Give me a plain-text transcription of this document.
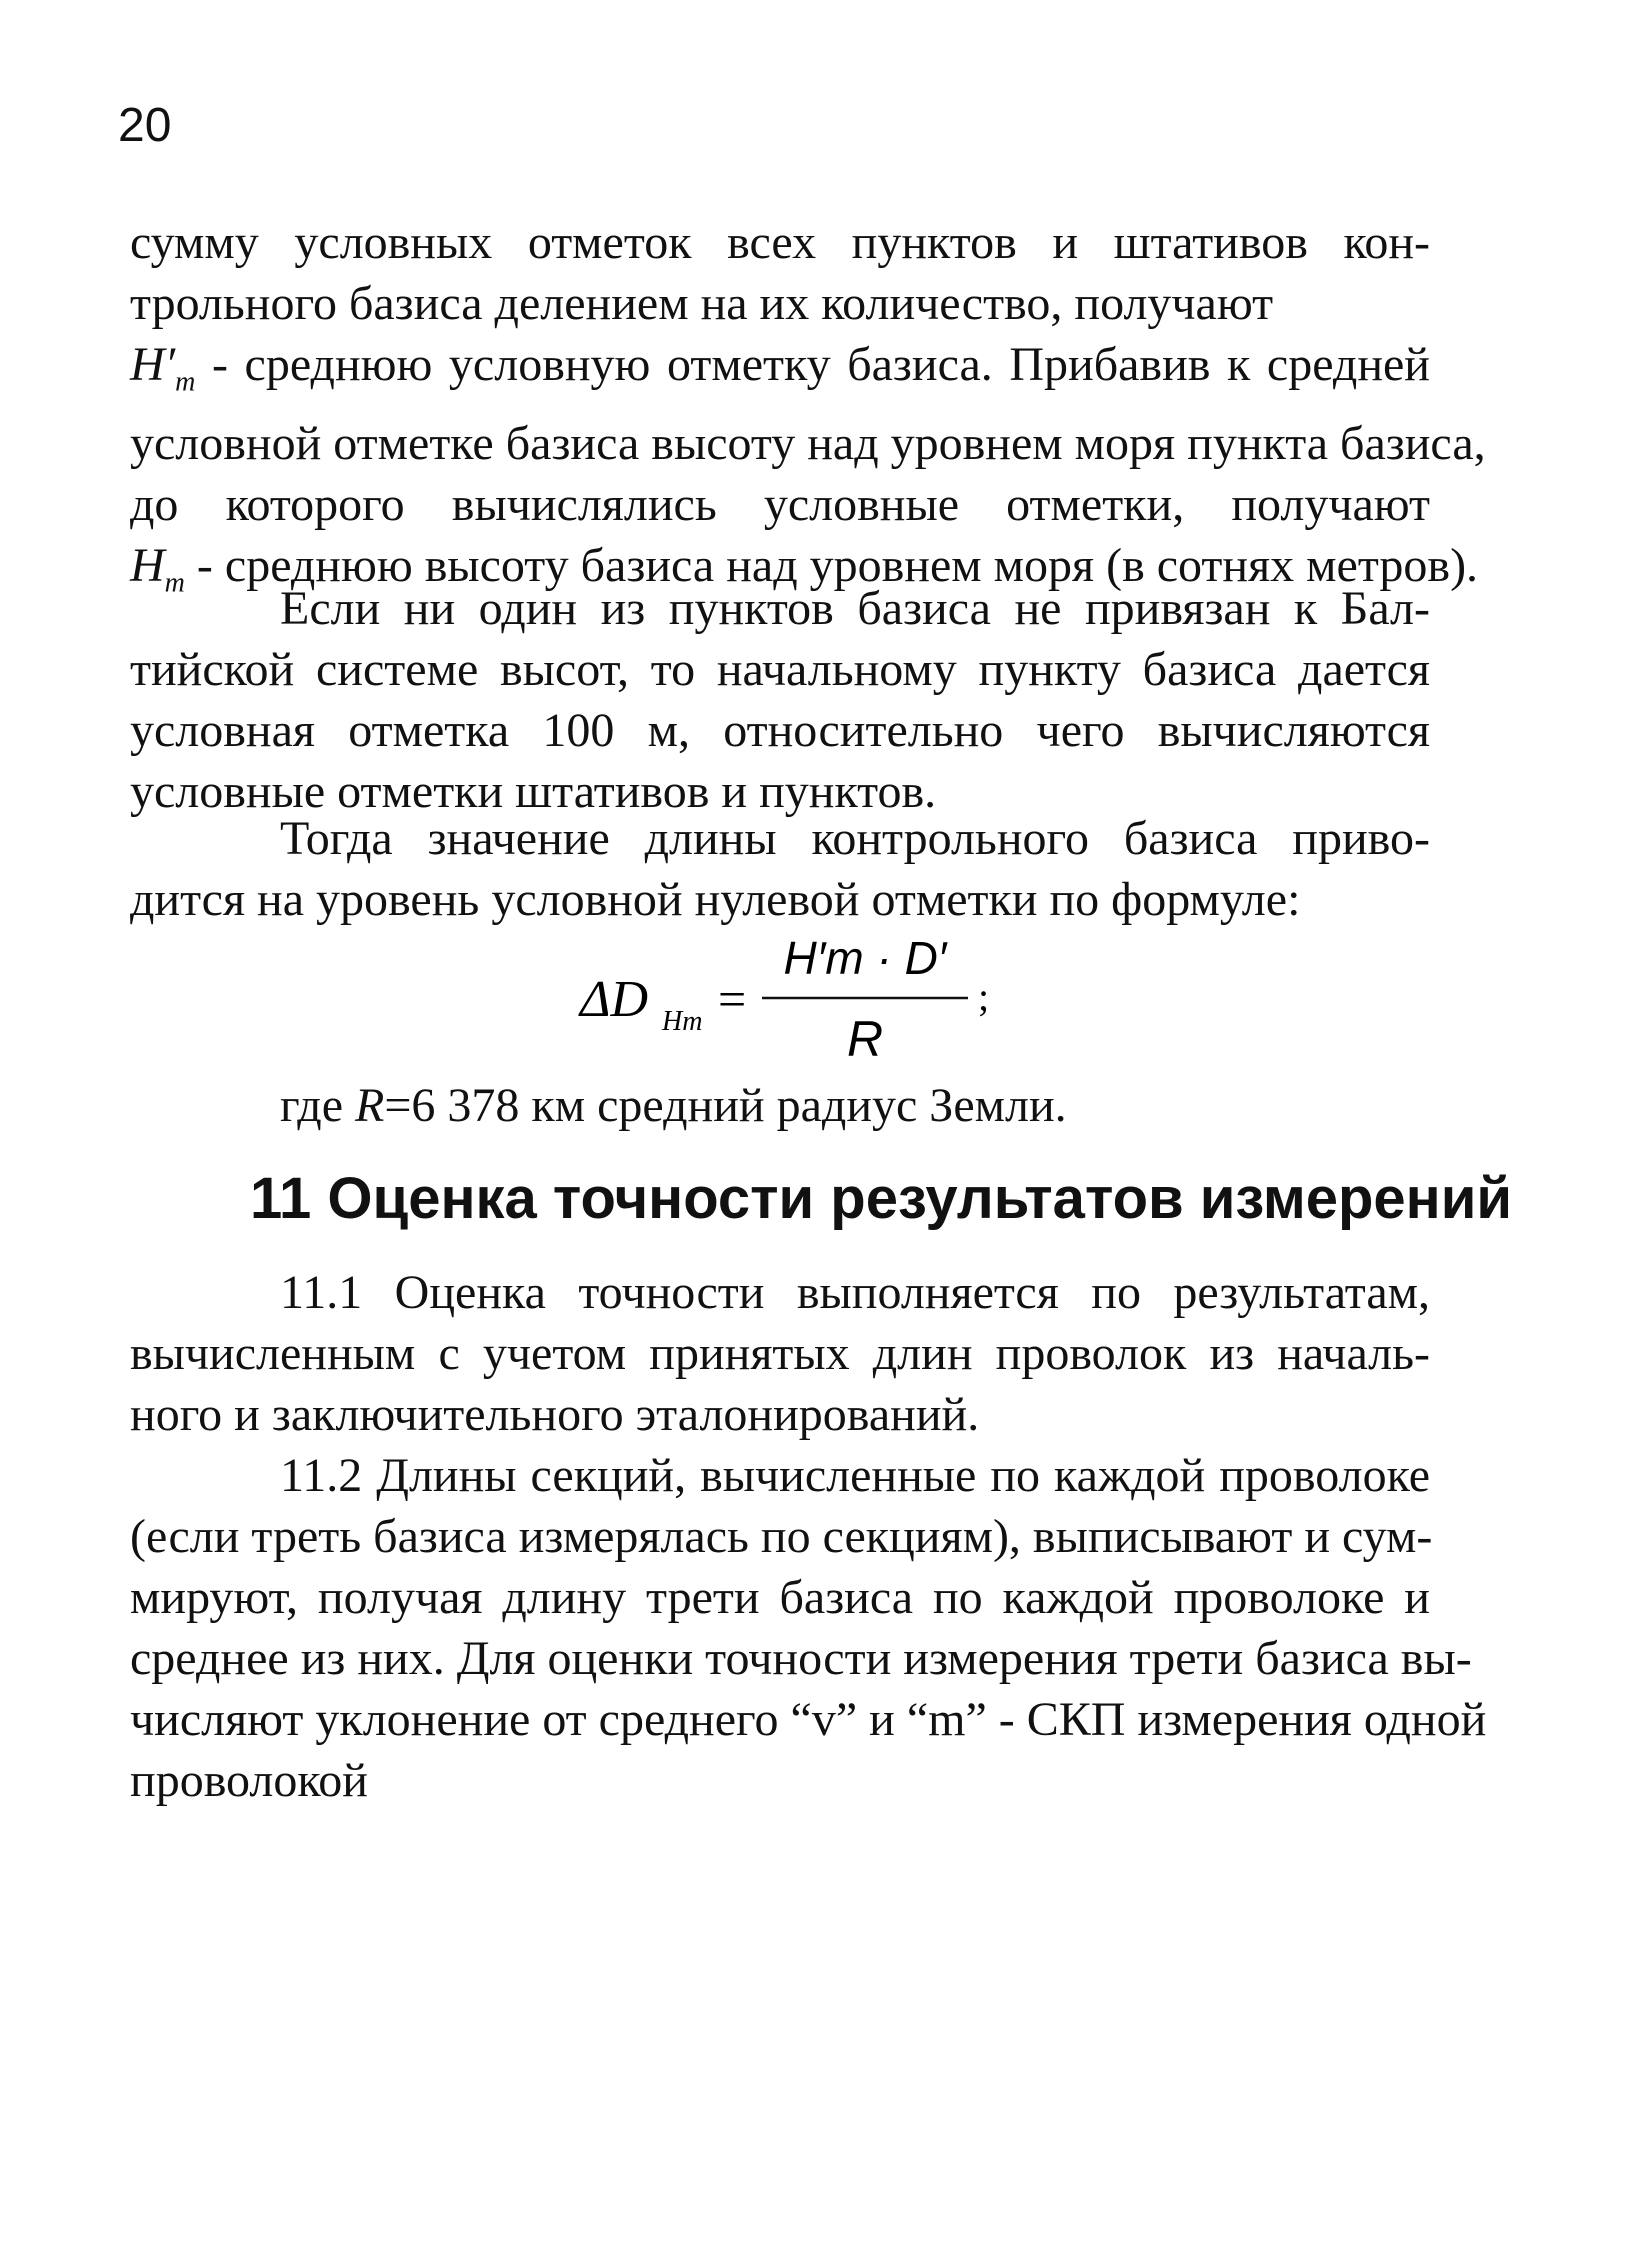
20
сумму условных отметок всех пунктов и штативов кон-
трольного базиса делением на их количество, получают
$H'_m$ - среднюю условную отметку базиса. Прибавив к средней
условной отметке базиса высоту над уровнем моря пункта базиса,
до которого вычислялись условные отметки, получают
$H_m$ - среднюю высоту базиса над уровнем моря (в сотнях метров).
Если ни один из пунктов базиса не привязан к Бал-
тийской системе высот, то начальному пункту базиса дается
условная отметка 100 м, относительно чего вычисляются
условные отметки штативов и пунктов.
Тогда значение длины контрольного базиса приво-
дится на уровень условной нулевой отметки по формуле:
ΔD Hm =
H′m · D′
R
;
где R=6 378 км средний радиус Земли.
11 Оценка точности результатов измерений
11.1 Оценка точности выполняется по результатам,
вычисленным с учетом принятых длин проволок из началь-
ного и заключительного эталонирований.
11.2 Длины секций, вычисленные по каждой проволоке
(если треть базиса измерялась по секциям), выписывают и сум-
мируют, получая длину трети базиса по каждой проволоке и
среднее из них. Для оценки точности измерения трети базиса вы-
числяют уклонение от среднего “v” и “m” - СКП измерения одной
проволокой
